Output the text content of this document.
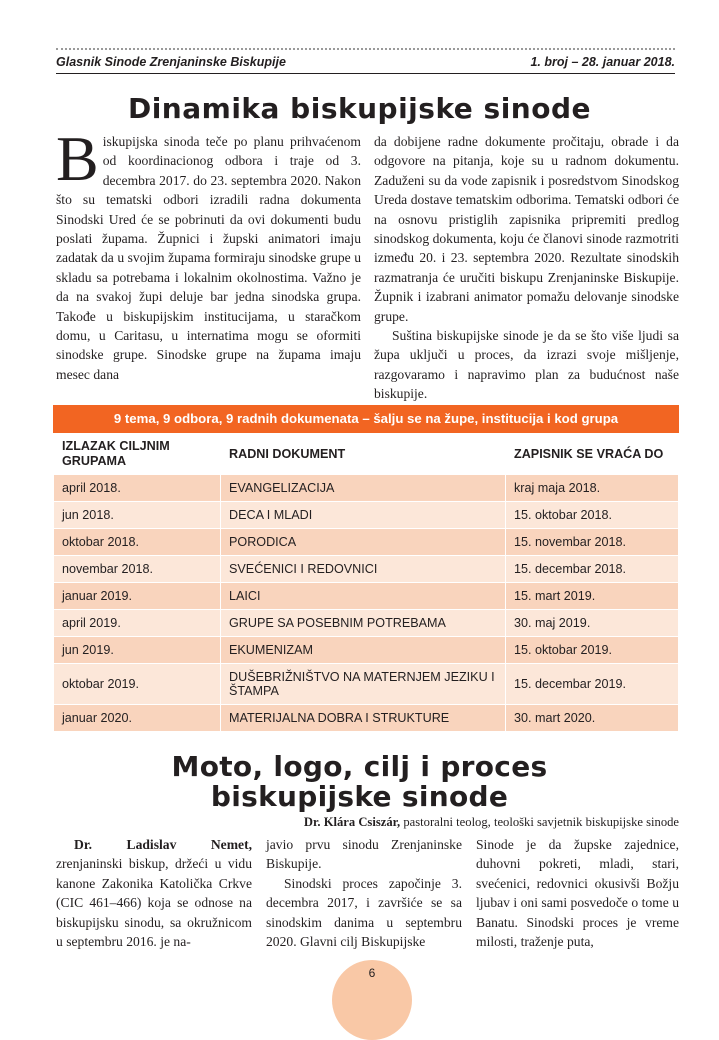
Glasnik Sinode Zrenjaninske Biskupije	1. broj – 28. januar 2018.
Dinamika biskupijske sinode

Biskupijska sinoda teče po planu prihvaćenom od koordinacionog odbora i traje od 3. decembra 2017. do 23. septembra 2020. Nakon što su tematski odbori izradili radna dokumenta Sinodski Ured će se pobrinuti da ovi dokumenti budu poslati župama. Župnici i župski animatori imaju zadatak da u svojim župama formiraju sinodske grupe u skladu sa potrebama i lokalnim okolnostima. Važno je da na svakoj župi deluje bar jedna sinodska grupa. Takođe u biskupijskim institucijama, u staračkom domu, u Caritasu, u internatima mogu se oformiti sinodske grupe. Sinodske grupe na župama imaju mesec dana

da dobijene radne dokumente pročitaju, obrade i da odgovore na pitanja, koje su u radnom dokumentu. Zaduženi su da vode zapisnik i posredstvom Sinodskog Ureda dostave tematskim odborima. Tematski odbori će na osnovu pristiglih zapisnika pripremiti predlog sinodskog dokumenta, koju će članovi sinode razmotriti između 20. i 23. septembra 2020. Rezultate sinodskih razmatranja će uručiti biskupu Zrenjaninske Biskupije. Župnik i izabrani animator pomažu delovanje sinodske grupe.

Suština biskupijske sinode je da se što više ljudi sa župa uključi u proces, da izrazi svoje mišljenje, razgovaramo i napravimo plan za budućnost naše biskupije.

9 tema, 9 odbora, 9 radnih dokumenata – šalju se na župe, institucija i kod grupa
IZLAZAK CILJNIM GRUPAMA	RADNI DOKUMENT	ZAPISNIK SE VRAĆA DO
april 2018.	EVANGELIZACIJA	kraj maja 2018.
jun 2018.	DECA I MLADI	15. oktobar 2018.
oktobar 2018.	PORODICA	15. novembar 2018.
novembar 2018.	SVEĆENICI I REDOVNICI	15. decembar 2018.
januar 2019.	LAICI	15. mart 2019.
april 2019.	GRUPE SA POSEBNIM POTREBAMA	30. maj 2019.
jun 2019.	EKUMENIZAM	15. oktobar 2019.
oktobar 2019.	DUŠEBRIŽNIŠTVO NA MATERNJEM JEZIKU I ŠTAMPA	15. decembar 2019.
januar 2020.	MATERIJALNA DOBRA I STRUKTURE	30. mart 2020.
Moto, logo, cilj i proces
biskupijske sinode
Dr. Klára Csiszár, pastoralni teolog, teološki savjetnik biskupijske sinode

Dr. Ladislav Nemet, zrenjaninski biskup, držeći u vidu kanone Zakonika Katolička Crkve (CIC 461–466) koja se odnose na biskupijsku sinodu, sa okružnicom u septembru 2016. je na-

javio prvu sinodu Zrenjaninske Biskupije.

Sinodski proces započinje 3. decembra 2017, i završiće se sa sinodskim danima u septembru 2020. Glavni cilj Biskupijske

Sinode je da župske zajednice, duhovni pokreti, mladi, stari, svećenici, redovnici okusivši Božju ljubav i oni sami posvedoče o tome u Banatu. Sinodski proces je vreme milosti, traženje puta,

6
